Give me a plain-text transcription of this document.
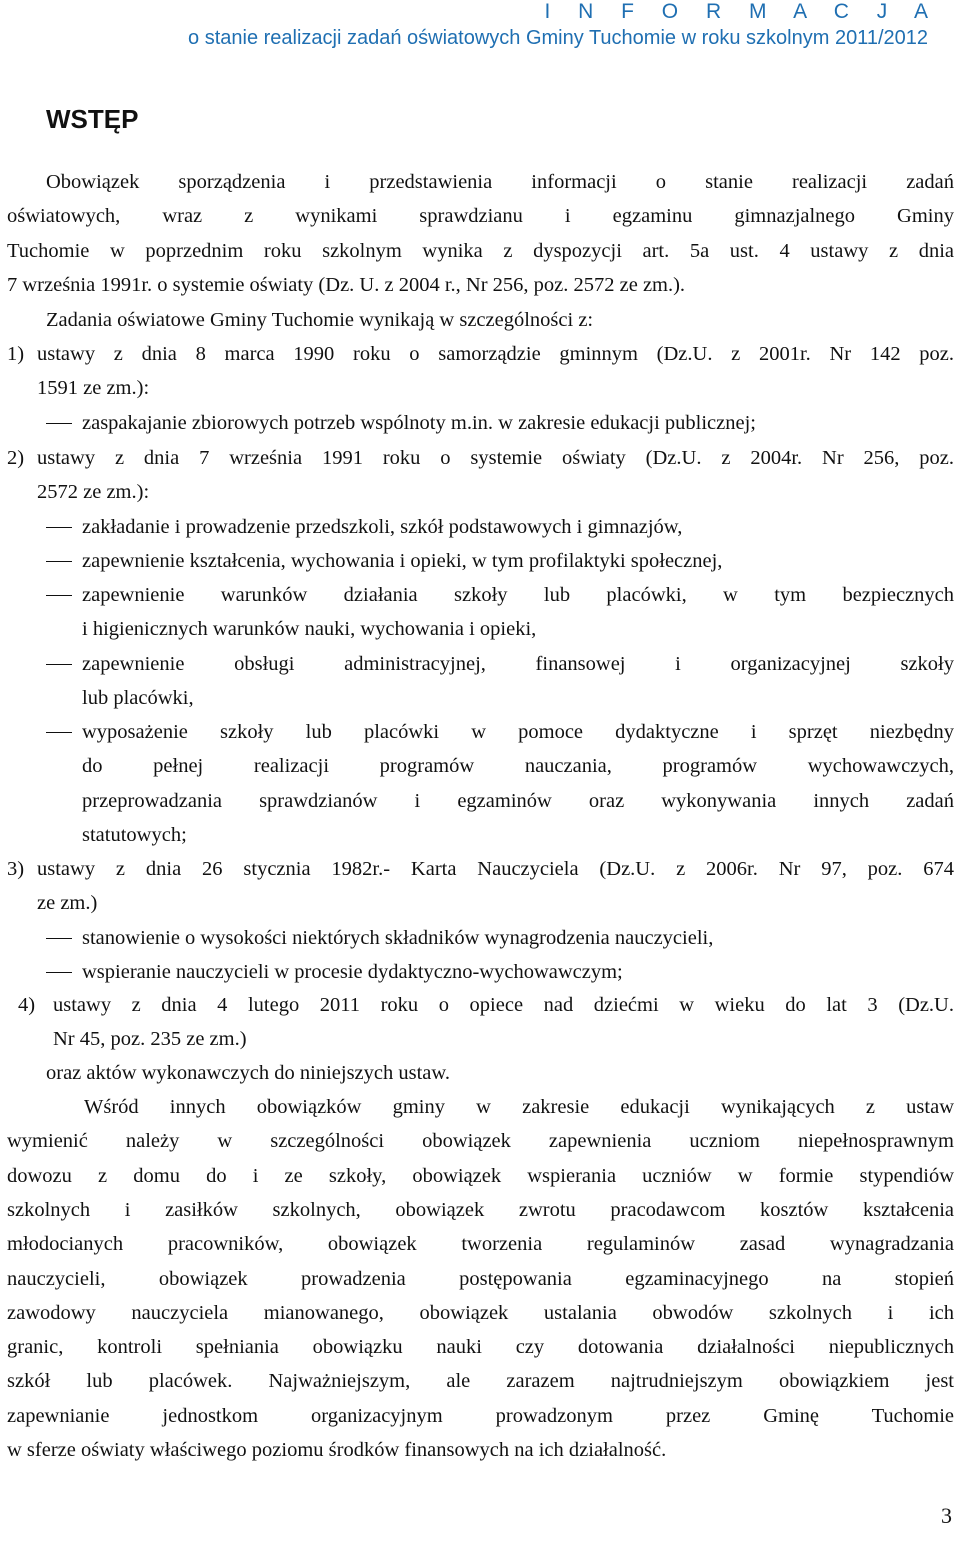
I N F O R M A C J A
o stanie realizacji zadań oświatowych Gminy Tuchomie w roku szkolnym 2011/2012
WSTĘP
Obowiązek sporządzenia i przedstawienia informacji o stanie realizacji zadań
oświatowych, wraz z wynikami sprawdzianu i egzaminu gimnazjalnego Gminy
Tuchomie w poprzednim roku szkolnym wynika z dyspozycji art. 5a ust. 4 ustawy z dnia
7 września 1991r. o systemie oświaty (Dz. U. z 2004 r., Nr 256, poz. 2572 ze zm.).
Zadania oświatowe Gminy Tuchomie wynikają w szczególności z:
1) ustawy z dnia 8 marca 1990 roku o samorządzie gminnym (Dz.U. z 2001r. Nr 142 poz.
1591 ze zm.):
zaspakajanie zbiorowych potrzeb wspólnoty m.in. w zakresie edukacji publicznej;
2) ustawy z dnia 7 września 1991 roku o systemie oświaty (Dz.U. z 2004r. Nr 256, poz.
2572 ze zm.):
zakładanie i prowadzenie przedszkoli, szkół podstawowych i gimnazjów,
zapewnienie kształcenia, wychowania i opieki, w tym profilaktyki społecznej,
zapewnienie warunków działania szkoły lub placówki, w tym bezpiecznych
i higienicznych warunków nauki, wychowania i opieki,
zapewnienie obsługi administracyjnej, finansowej i organizacyjnej szkoły
lub placówki,
wyposażenie szkoły lub placówki w pomoce dydaktyczne i sprzęt niezbędny
do pełnej realizacji programów nauczania, programów wychowawczych,
przeprowadzania sprawdzianów i egzaminów oraz wykonywania innych zadań
statutowych;
3) ustawy z dnia 26 stycznia 1982r.- Karta Nauczyciela (Dz.U. z 2006r. Nr 97, poz. 674
ze zm.)
stanowienie o wysokości niektórych składników wynagrodzenia nauczycieli,
wspieranie nauczycieli w procesie dydaktyczno-wychowawczym;
4) ustawy z dnia 4 lutego 2011 roku o opiece nad dziećmi w wieku do lat 3 (Dz.U.
Nr 45, poz. 235 ze zm.)
oraz aktów wykonawczych do niniejszych ustaw.
Wśród innych obowiązków gminy w zakresie edukacji wynikających z ustaw
wymienić należy w szczególności obowiązek zapewnienia uczniom niepełnosprawnym
dowozu z domu do i ze szkoły, obowiązek wspierania uczniów w formie stypendiów
szkolnych i zasiłków szkolnych, obowiązek zwrotu pracodawcom kosztów kształcenia
młodocianych pracowników, obowiązek tworzenia regulaminów zasad wynagradzania
nauczycieli, obowiązek prowadzenia postępowania egzaminacyjnego na stopień
zawodowy nauczyciela mianowanego, obowiązek ustalania obwodów szkolnych i ich
granic, kontroli spełniania obowiązku nauki czy dotowania działalności niepublicznych
szkół lub placówek. Najważniejszym, ale zarazem najtrudniejszym obowiązkiem jest
zapewnianie jednostkom organizacyjnym prowadzonym przez Gminę Tuchomie
w sferze oświaty właściwego poziomu środków finansowych na ich działalność.
3
